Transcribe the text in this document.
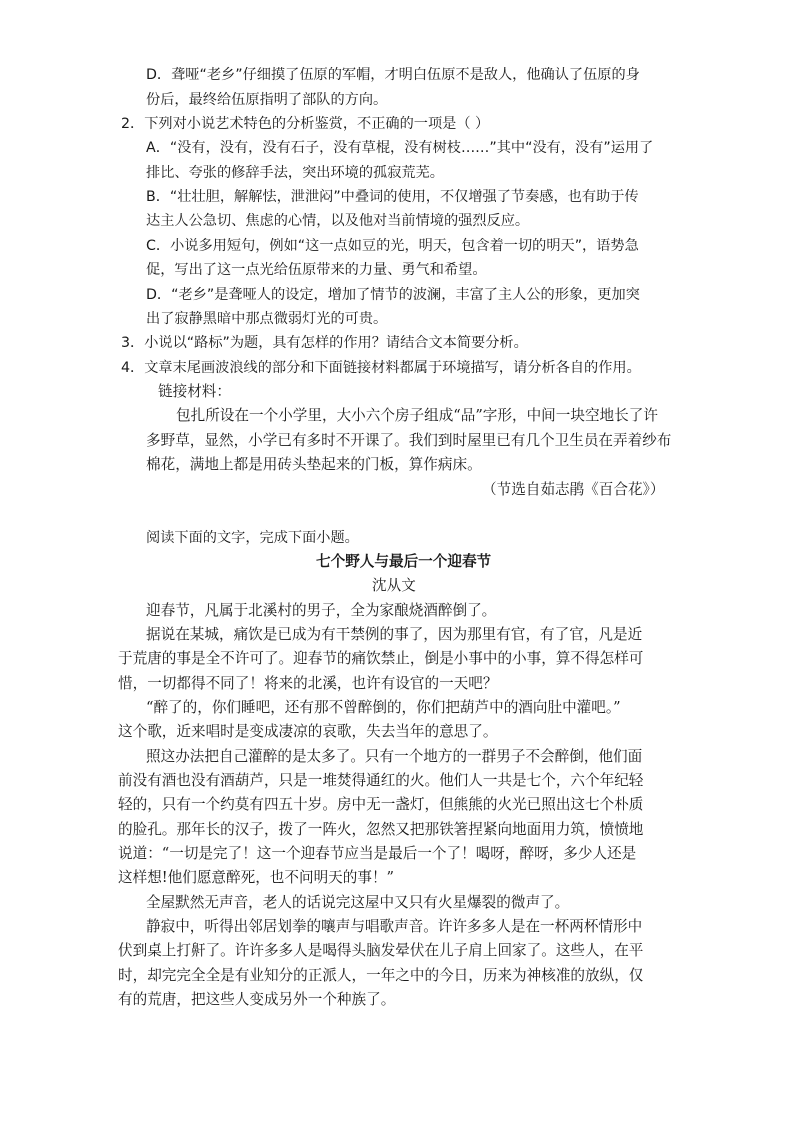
D．聋哑“老乡”仔细摸了伍原的军帽，才明白伍原不是敌人，他确认了伍原的身
份后，最终给伍原指明了部队的方向。
2．下列对小说艺术特色的分析鉴赏，不正确的一项是（ ）
A．“没有，没有，没有石子，没有草棍，没有树枝……”其中“没有，没有”运用了
排比、夸张的修辞手法，突出环境的孤寂荒芜。
B．“壮壮胆，解解怯，泄泄闷”中叠词的使用，不仅增强了节奏感，也有助于传
达主人公急切、焦虑的心情，以及他对当前情境的强烈反应。
C．小说多用短句，例如“这一点如豆的光，明天，包含着一切的明天”，语势急
促，写出了这一点光给伍原带来的力量、勇气和希望。
D．“老乡”是聋哑人的设定，增加了情节的波澜，丰富了主人公的形象，更加突
出了寂静黑暗中那点微弱灯光的可贵。
3．小说以“路标”为题，具有怎样的作用？请结合文本简要分析。
4．文章末尾画波浪线的部分和下面链接材料都属于环境描写，请分析各自的作用。
链接材料：
包扎所设在一个小学里，大小六个房子组成“品”字形，中间一块空地长了许
多野草，显然，小学已有多时不开课了。我们到时屋里已有几个卫生员在弄着纱布
棉花，满地上都是用砖头垫起来的门板，算作病床。
（节选自茹志鹃《百合花》）
阅读下面的文字，完成下面小题。
七个野人与最后一个迎春节
沈从文
迎春节，凡属于北溪村的男子，全为家酿烧酒醉倒了。
据说在某城，痛饮是已成为有干禁例的事了，因为那里有官，有了官，凡是近
于荒唐的事是全不许可了。迎春节的痛饮禁止，倒是小事中的小事，算不得怎样可
惜，一切都得不同了！将来的北溪，也许有设官的一天吧？
“醉了的，你们睡吧，还有那不曾醉倒的，你们把葫芦中的酒向肚中灌吧。”
这个歌，近来唱时是变成凄凉的哀歌，失去当年的意思了。
照这办法把自己灌醉的是太多了。只有一个地方的一群男子不会醉倒，他们面
前没有酒也没有酒葫芦，只是一堆焚得通红的火。他们人一共是七个，六个年纪轻
轻的，只有一个约莫有四五十岁。房中无一盏灯，但熊熊的火光已照出这七个朴质
的脸孔。那年长的汉子，拨了一阵火，忽然又把那铁箸捏紧向地面用力筑，愤愤地
说道：“一切是完了！这一个迎春节应当是最后一个了！喝呀，醉呀，多少人还是
这样想!他们愿意醉死，也不问明天的事！”
全屋默然无声音，老人的话说完这屋中又只有火星爆裂的微声了。
静寂中，听得出邻居划拳的嚷声与唱歌声音。许许多多人是在一杯两杯情形中
伏到桌上打鼾了。许许多多人是喝得头脑发晕伏在儿子肩上回家了。这些人，在平
时，却完完全全是有业知分的正派人，一年之中的今日，历来为神核准的放纵，仅
有的荒唐，把这些人变成另外一个种族了。
